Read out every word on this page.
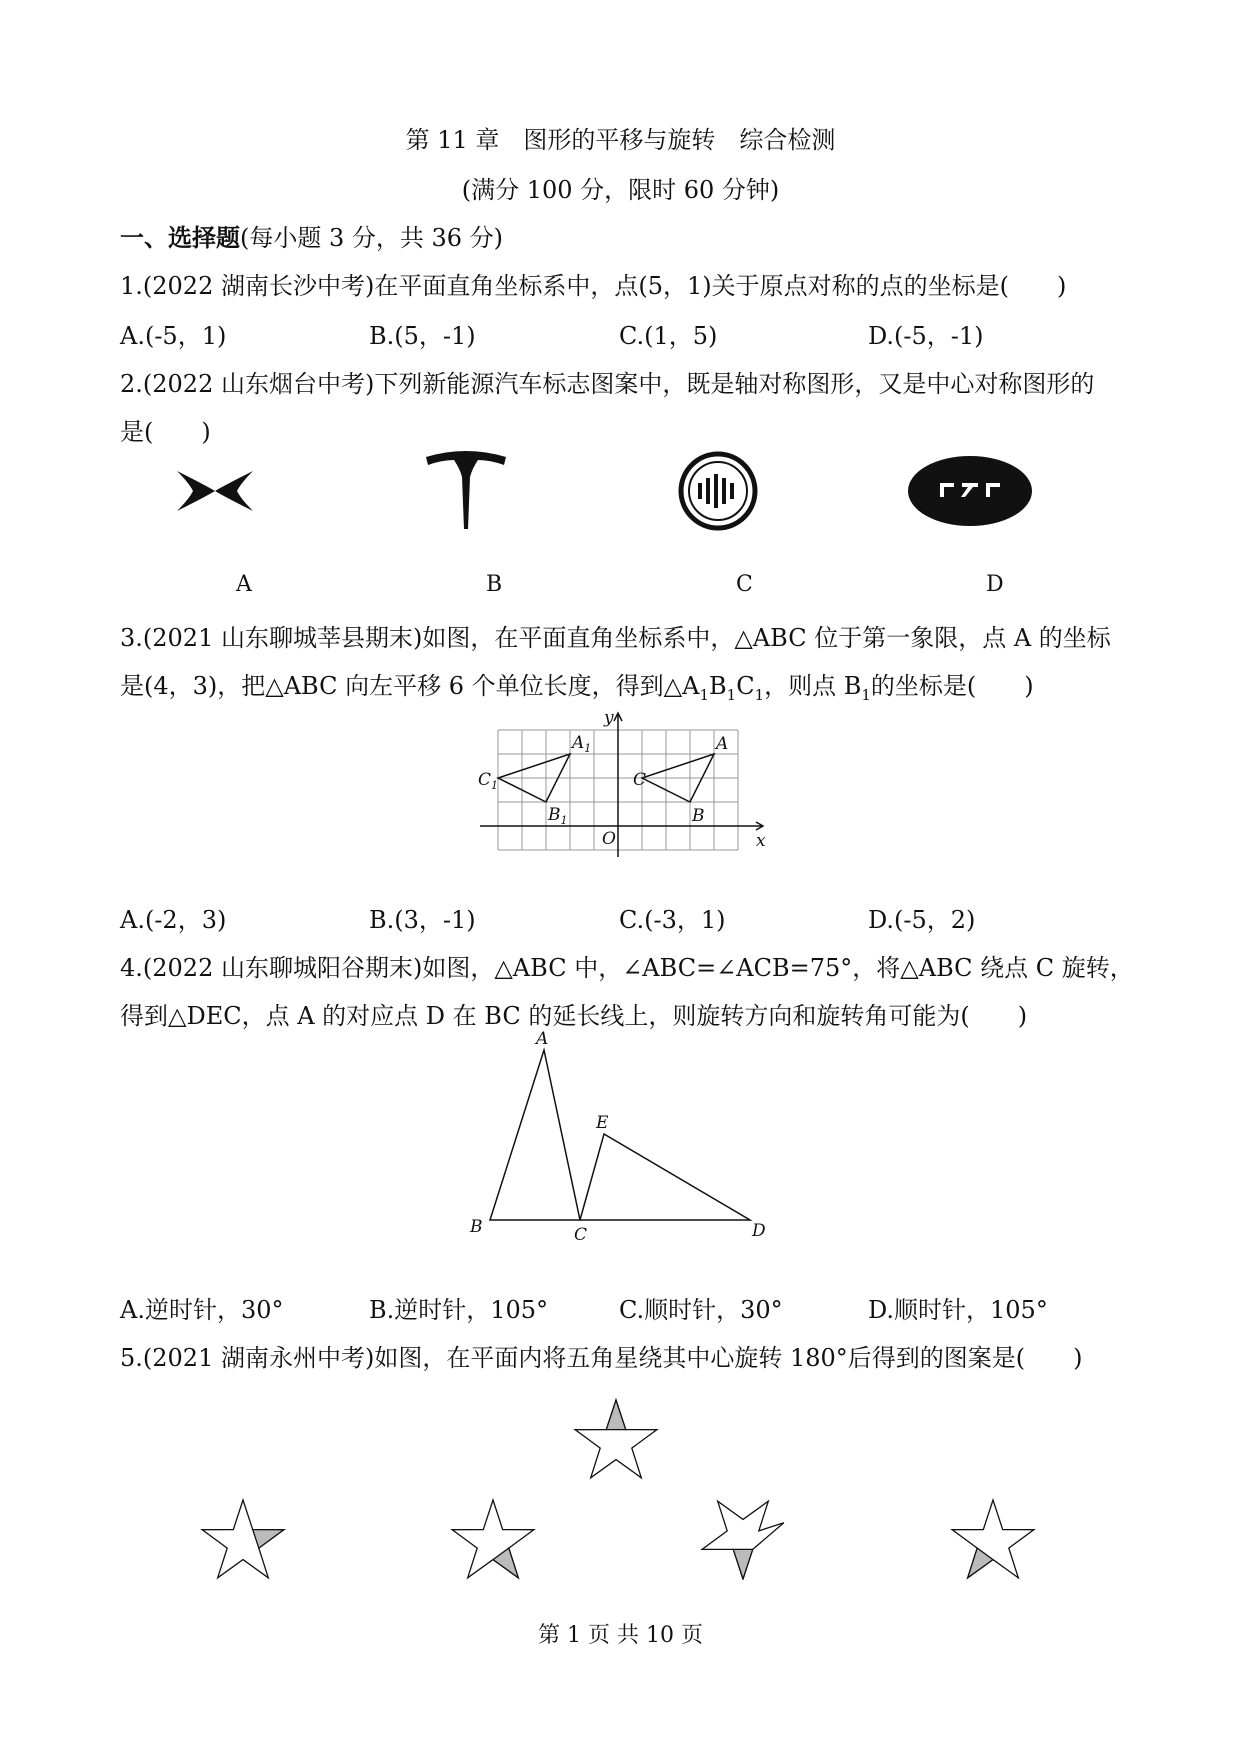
第 11 章　图形的平移与旋转　综合检测
(满分 100 分，限时 60 分钟)
一、选择题(每小题 3 分，共 36 分)
1.(2022 湖南长沙中考)在平面直角坐标系中，点(5，1)关于原点对称的点的坐标是(　　)
A.(-5，1)	B.(5，-1)	C.(1，5)	D.(-5，-1)
2.(2022 山东烟台中考)下列新能源汽车标志图案中，既是轴对称图形，又是中心对称图形的
是(　　)
A	B	C	D
3.(2021 山东聊城莘县期末)如图，在平面直角坐标系中，△ABC 位于第一象限，点 A 的坐标
是(4，3)，把△ABC 向左平移 6 个单位长度，得到$\triangle A_1B_1C_1$，则点 $B_1$的坐标是(　　)
$A_1$
$C_1$
$B_1$
A
C
B
O	x
y
A.(-2，3)	B.(3，-1)	C.(-3，1)	D.(-5，2)
4.(2022 山东聊城阳谷期末)如图，△ABC 中，∠ABC=∠ACB=75°，将△ABC 绕点 C 旋转，
得到△DEC，点 A 的对应点 D 在 BC 的延长线上，则旋转方向和旋转角可能为(　　)
A
B	C	D
E
A.逆时针，30°	B.逆时针，105°	C.顺时针，30°	D.顺时针，105°
5.(2021 湖南永州中考)如图，在平面内将五角星绕其中心旋转 180°后得到的图案是(　　)
第 1 页 共 10 页
